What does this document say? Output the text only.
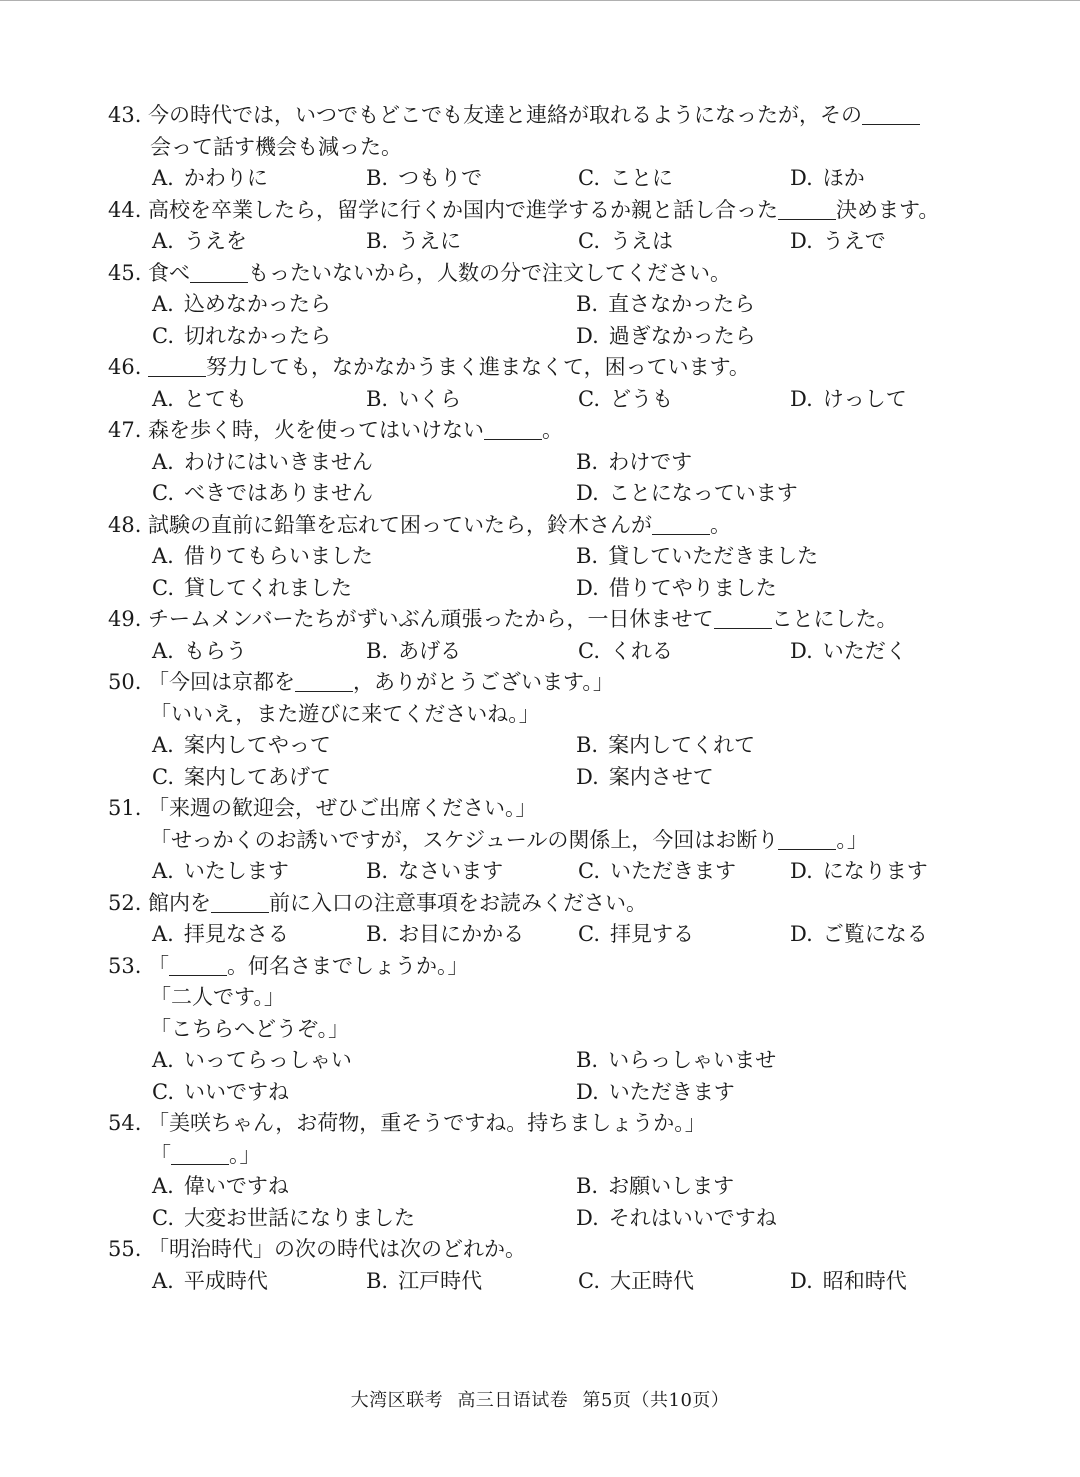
43. 今の時代では，いつでもどこでも友達と連絡が取れるようになったが，その
会って話す機会も減った。
A. かわりに	B. つもりで	C. ことに	D. ほか
44. 高校を卒業したら，留学に行くか国内で進学するか親と話し合った	決めます。
A. うえを	B. うえに	C. うえは	D. うえで
45. 食べ	もったいないから，人数の分で注文してください。
A. 込めなかったら	B. 直さなかったら
C. 切れなかったら	D. 過ぎなかったら
46.	努力しても，なかなかうまく進まなくて，困っています。
A. とても	B. いくら	C. どうも	D. けっして
47. 森を歩く時，火を使ってはいけない	。
A. わけにはいきません	B. わけです
C. べきではありません	D. ことになっています
48. 試験の直前に鉛筆を忘れて困っていたら，鈴木さんが	。
A. 借りてもらいました	B. 貸していただきました
C. 貸してくれました	D. 借りてやりました
49. チームメンバーたちがずいぶん頑張ったから，一日休ませて	ことにした。
A. もらう	B. あげる	C. くれる	D. いただく
50. 「今回は京都を	，ありがとうございます。」
「いいえ，また遊びに来てくださいね。」
A. 案内してやって	B. 案内してくれて
C. 案内してあげて	D. 案内させて
51. 「来週の歓迎会，ぜひご出席ください。」
「せっかくのお誘いですが，スケジュールの関係上，今回はお断り	。」
A. いたします	B. なさいます	C. いただきます	D. になります
52. 館内を	前に入口の注意事項をお読みください。
A. 拝見なさる	B. お目にかかる	C. 拝見する	D. ご覧になる
53. 「	。何名さまでしょうか。」
「二人です。」
「こちらへどうぞ。」
A. いってらっしゃい	B. いらっしゃいませ
C. いいですね	D. いただきます
54. 「美咲ちゃん，お荷物，重そうですね。持ちましょうか。」
「	。」
A. 偉いですね	B. お願いします
C. 大変お世話になりました	D. それはいいですね
55. 「明治時代」の次の時代は次のどれか。
A. 平成時代	B. 江戸時代	C. 大正時代	D. 昭和時代
大湾区联考 高三日语试卷 第5页（共10页）
